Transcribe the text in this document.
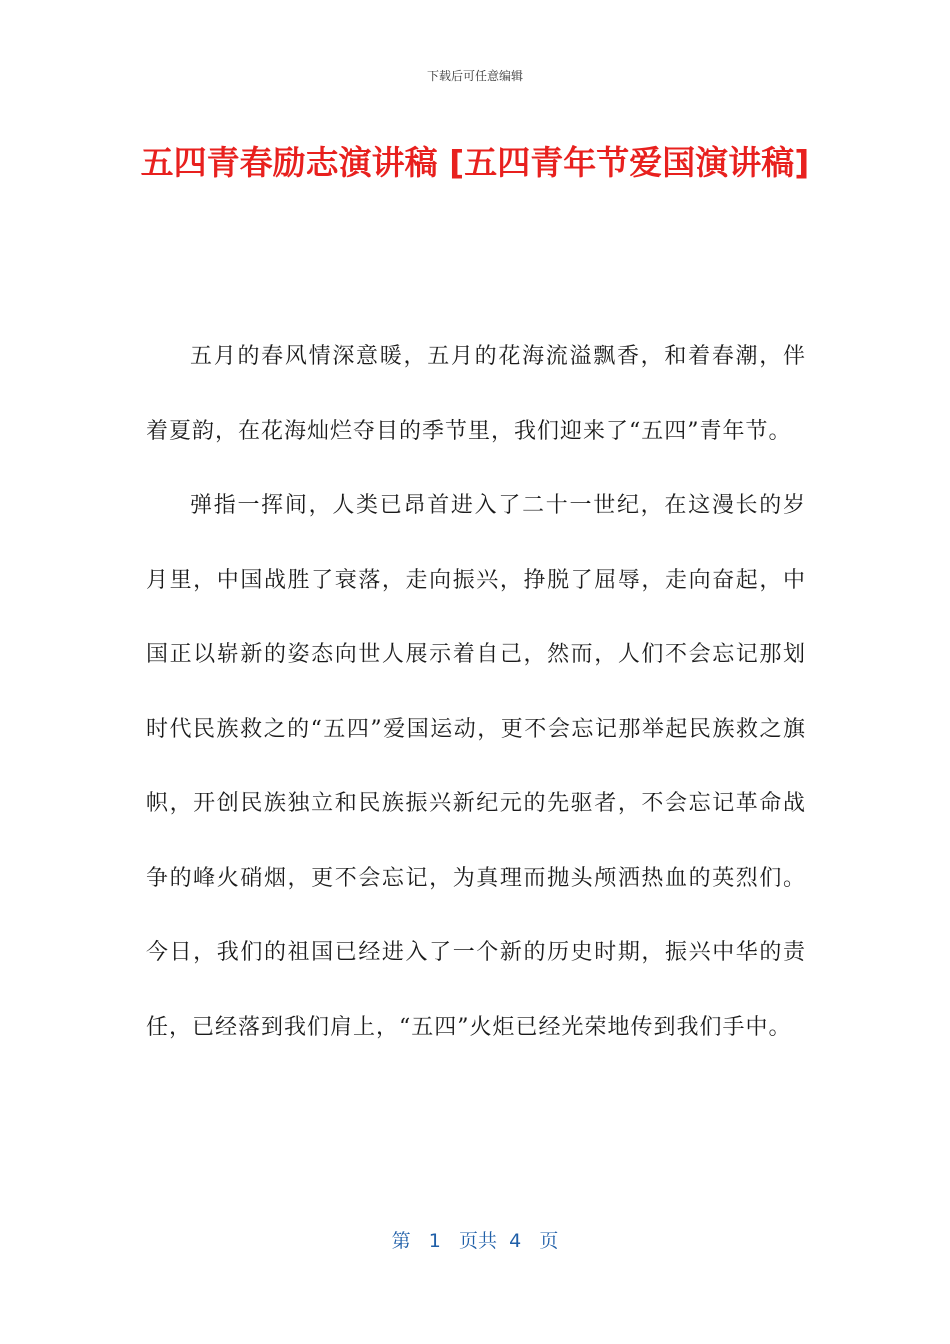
下载后可任意编辑
五四青春励志演讲稿 [五四青年节爱国演讲稿]

五月的春风情深意暖，五月的花海流溢飘香，和着春潮，伴着夏韵，在花海灿烂夺目的季节里，我们迎来了“五四”青年节。

弹指一挥间，人类已昂首进入了二十一世纪，在这漫长的岁月里，中国战胜了衰落，走向振兴，挣脱了屈辱，走向奋起，中国正以崭新的姿态向世人展示着自己，然而，人们不会忘记那划时代民族救之的“五四”爱国运动，更不会忘记那举起民族救之旗帜，开创民族独立和民族振兴新纪元的先驱者，不会忘记革命战争的峰火硝烟，更不会忘记，为真理而抛头颅洒热血的英烈们。今日，我们的祖国已经进入了一个新的历史时期，振兴中华的责任，已经落到我们肩上，“五四”火炬已经光荣地传到我们手中。

第 1 页共 4 页
